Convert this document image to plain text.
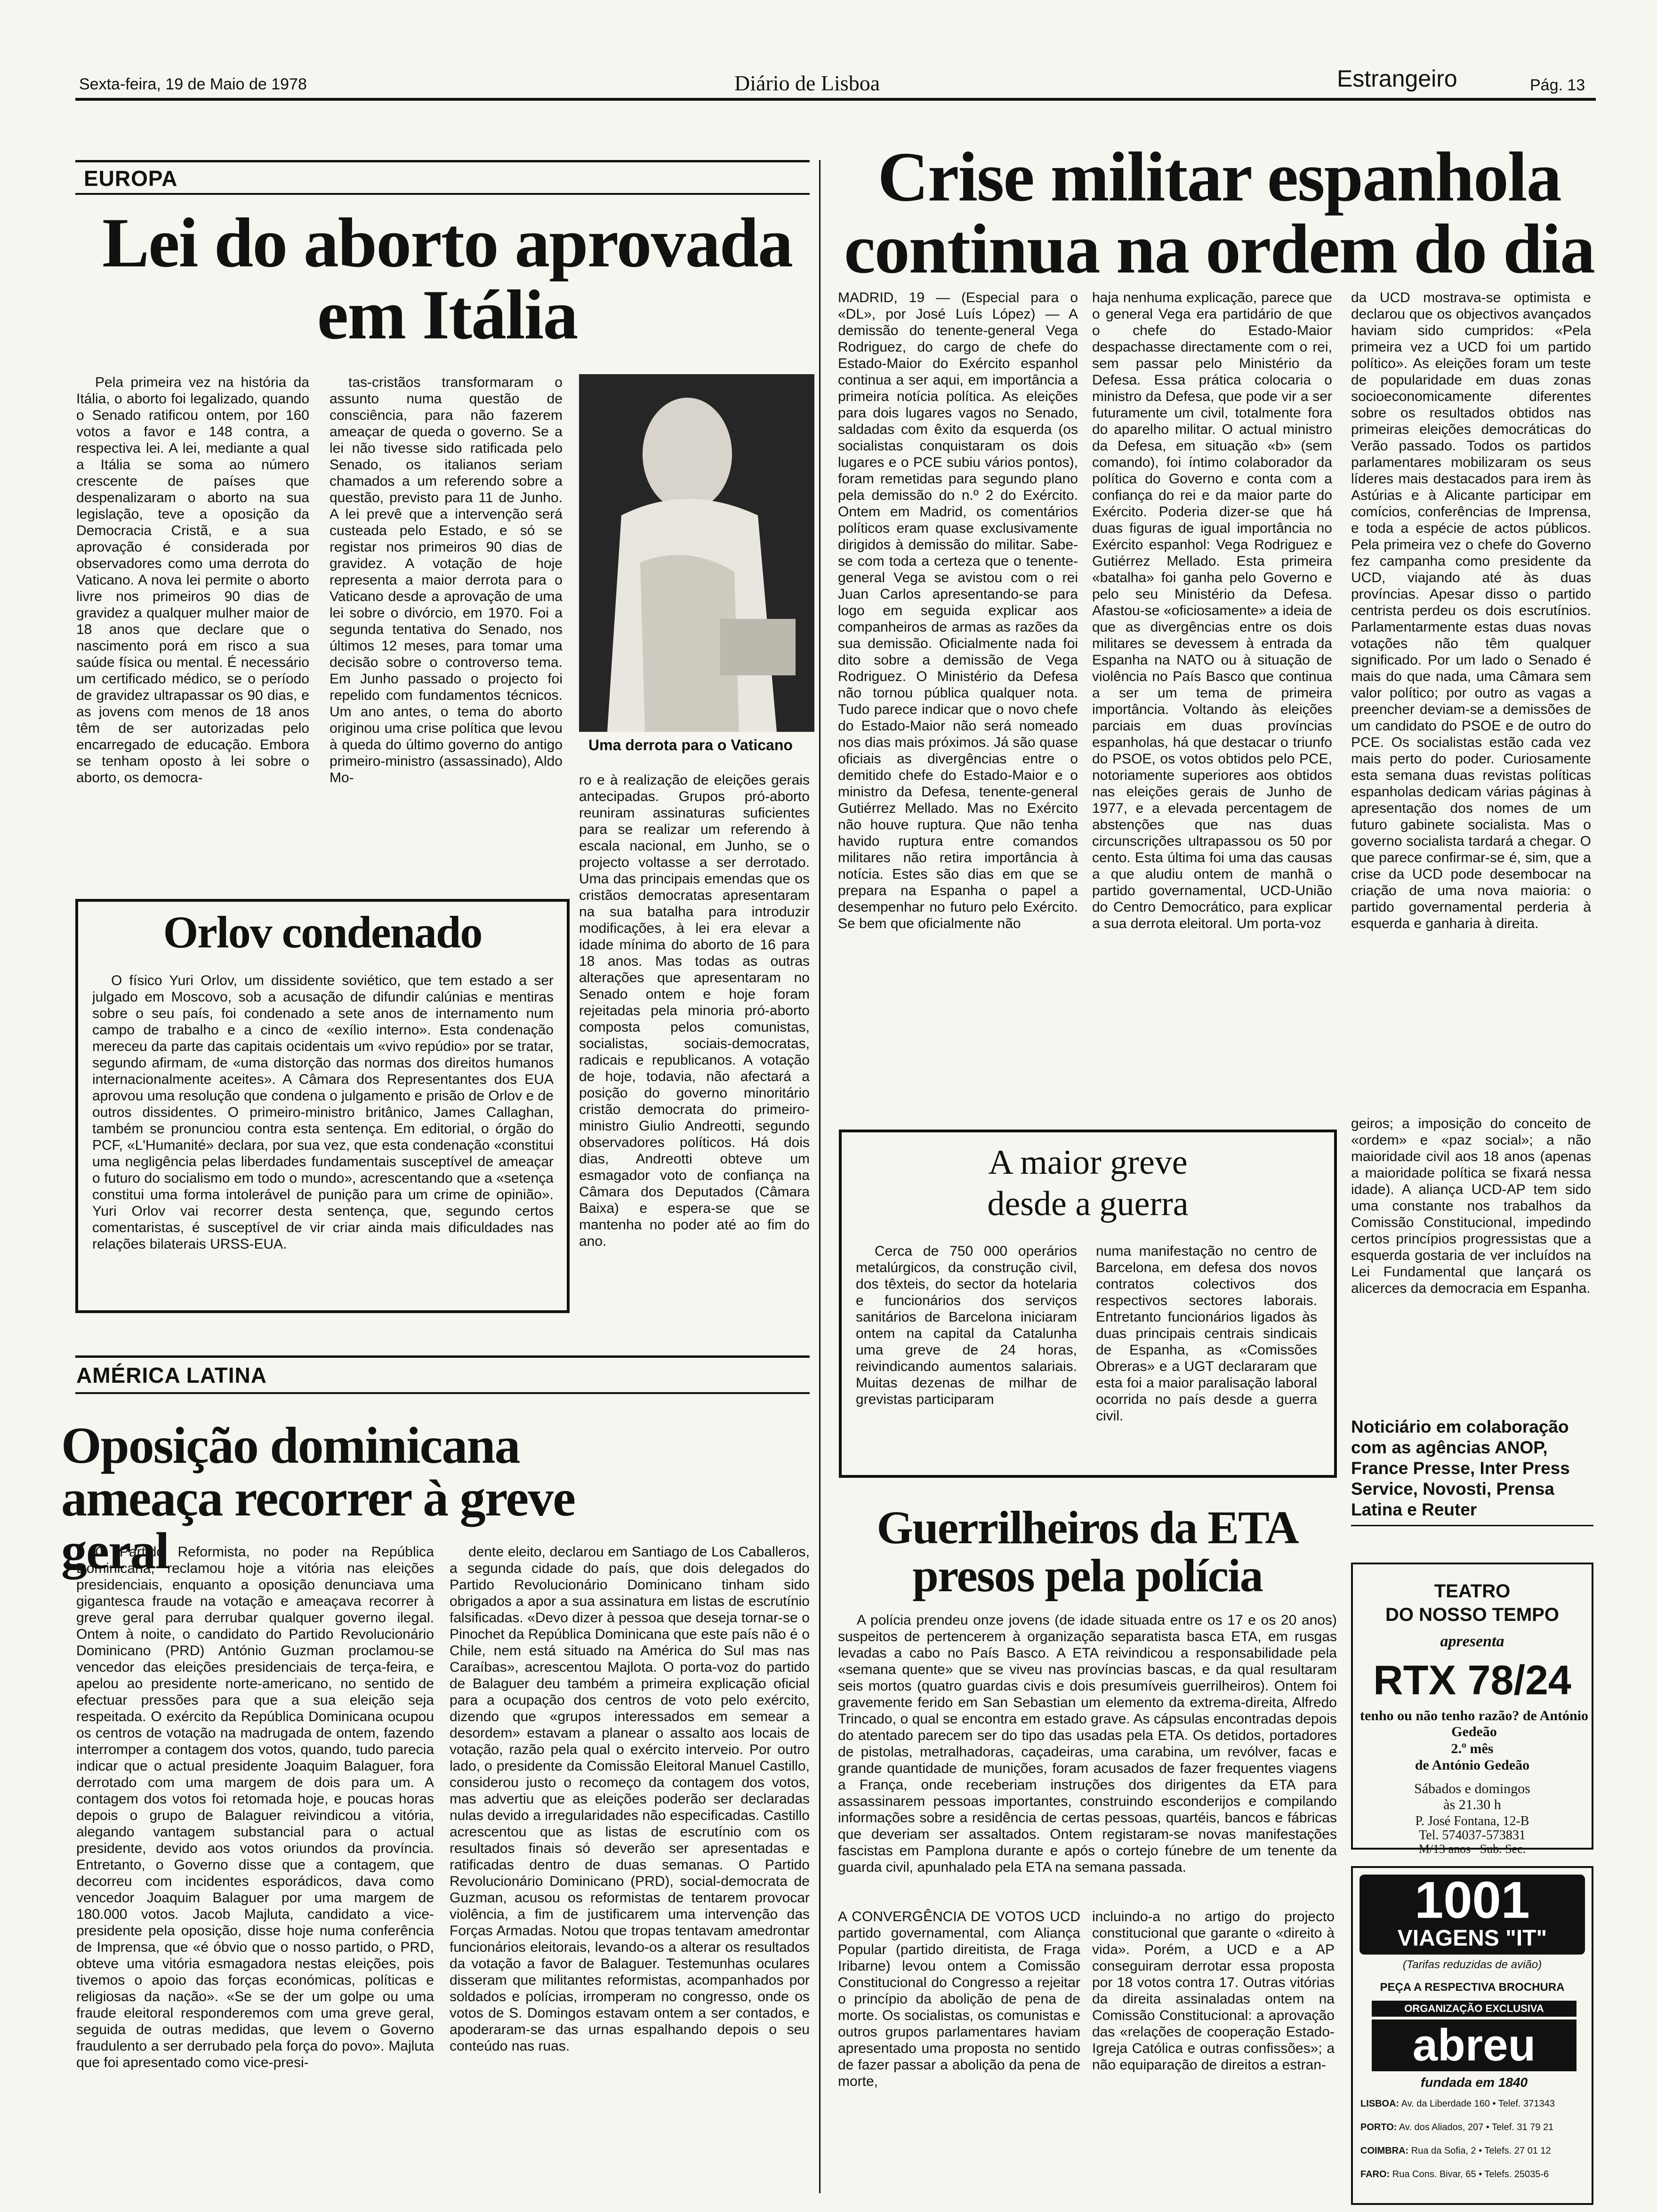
Sexta-feira, 19 de Maio de 1978	Diário de Lisboa	Estrangeiro	Pág. 13
EUROPA
Lei do aborto aprovada em Itália

Pela primeira vez na história da Itália, o aborto foi legalizado, quando o Senado ratificou ontem, por 160 votos a favor e 148 contra, a respectiva lei. A lei, mediante a qual a Itália se soma ao número crescente de países que despenalizaram o aborto na sua legislação, teve a oposição da Democracia Cristã, e a sua aprovação é considerada por observadores como uma derrota do Vaticano. A nova lei permite o aborto livre nos primeiros 90 dias de gravidez a qualquer mulher maior de 18 anos que declare que o nascimento porá em risco a sua saúde física ou mental. É necessário um certificado médico, se o período de gravidez ultrapassar os 90 dias, e as jovens com menos de 18 anos têm de ser autorizadas pelo encarregado de educação. Embora se tenham oposto à lei sobre o aborto, os democra-

tas-cristãos transformaram o assunto numa questão de consciência, para não fazerem ameaçar de queda o governo. Se a lei não tivesse sido ratificada pelo Senado, os italianos seriam chamados a um referendo sobre a questão, previsto para 11 de Junho. A lei prevê que a intervenção será custeada pelo Estado, e só se registar nos primeiros 90 dias de gravidez. A votação de hoje representa a maior derrota para o Vaticano desde a aprovação de uma lei sobre o divórcio, em 1970. Foi a segunda tentativa do Senado, nos últimos 12 meses, para tomar uma decisão sobre o controverso tema. Em Junho passado o projecto foi repelido com fundamentos técnicos. Um ano antes, o tema do aborto originou uma crise política que levou à queda do último governo do antigo primeiro-ministro (assassinado), Aldo Mo-

Uma derrota para o Vaticano

ro e à realização de eleições gerais antecipadas. Grupos pró-aborto reuniram assinaturas suficientes para se realizar um referendo à escala nacional, em Junho, se o projecto voltasse a ser derrotado. Uma das principais emendas que os cristãos democratas apresentaram na sua batalha para introduzir modificações, à lei era elevar a idade mínima do aborto de 16 para 18 anos. Mas todas as outras alterações que apresentaram no Senado ontem e hoje foram rejeitadas pela minoria pró-aborto composta pelos comunistas, socialistas, sociais-democratas, radicais e republicanos. A votação de hoje, todavia, não afectará a posição do governo minoritário cristão democrata do primeiro-ministro Giulio Andreotti, segundo observadores políticos. Há dois dias, Andreotti obteve um esmagador voto de confiança na Câmara dos Deputados (Câmara Baixa) e espera-se que se mantenha no poder até ao fim do ano.

Orlov condenado

O físico Yuri Orlov, um dissidente soviético, que tem estado a ser julgado em Moscovo, sob a acusação de difundir calúnias e mentiras sobre o seu país, foi condenado a sete anos de internamento num campo de trabalho e a cinco de «exílio interno». Esta condenação mereceu da parte das capitais ocidentais um «vivo repúdio» por se tratar, segundo afirmam, de «uma distorção das normas dos direitos humanos internacionalmente aceites». A Câmara dos Representantes dos EUA aprovou uma resolução que condena o julgamento e prisão de Orlov e de outros dissidentes. O primeiro-ministro britânico, James Callaghan, também se pronunciou contra esta sentença. Em editorial, o órgão do PCF, «L'Humanité» declara, por sua vez, que esta condenação «constitui uma negligência pelas liberdades fundamentais susceptível de ameaçar o futuro do socialismo em todo o mundo», acrescentando que a «setença constitui uma forma intolerável de punição para um crime de opinião». Yuri Orlov vai recorrer desta sentença, que, segundo certos comentaristas, é susceptível de vir criar ainda mais dificuldades nas relações bilaterais URSS-EUA.

AMÉRICA LATINA
Oposição dominicana ameaça recorrer à greve geral

O Partido Reformista, no poder na República Dominicana, reclamou hoje a vitória nas eleições presidenciais, enquanto a oposição denunciava uma gigantesca fraude na votação e ameaçava recorrer à greve geral para derrubar qualquer governo ilegal. Ontem à noite, o candidato do Partido Revolucionário Dominicano (PRD) António Guzman proclamou-se vencedor das eleições presidenciais de terça-feira, e apelou ao presidente norte-americano, no sentido de efectuar pressões para que a sua eleição seja respeitada. O exército da República Dominicana ocupou os centros de votação na madrugada de ontem, fazendo interromper a contagem dos votos, quando, tudo parecia indicar que o actual presidente Joaquim Balaguer, fora derrotado com uma margem de dois para um. A contagem dos votos foi retomada hoje, e poucas horas depois o grupo de Balaguer reivindicou a vitória, alegando vantagem substancial para o actual presidente, devido aos votos oriundos da província. Entretanto, o Governo disse que a contagem, que decorreu com incidentes esporádicos, dava como vencedor Joaquim Balaguer por uma margem de 180.000 votos. Jacob Majluta, candidato a vice-presidente pela oposição, disse hoje numa conferência de Imprensa, que «é óbvio que o nosso partido, o PRD, obteve uma vitória esmagadora nestas eleições, pois tivemos o apoio das forças económicas, políticas e religiosas da nação». «Se se der um golpe ou uma fraude eleitoral responderemos com uma greve geral, seguida de outras medidas, que levem o Governo fraudulento a ser derrubado pela força do povo». Majluta que foi apresentado como vice-presi-

dente eleito, declarou em Santiago de Los Caballeros, a segunda cidade do país, que dois delegados do Partido Revolucionário Dominicano tinham sido obrigados a apor a sua assinatura em listas de escrutínio falsificadas. «Devo dizer à pessoa que deseja tornar-se o Pinochet da República Dominicana que este país não é o Chile, nem está situado na América do Sul mas nas Caraíbas», acrescentou Majlota. O porta-voz do partido de Balaguer deu também a primeira explicação oficial para a ocupação dos centros de voto pelo exército, dizendo que «grupos interessados em semear a desordem» estavam a planear o assalto aos locais de votação, razão pela qual o exército interveio. Por outro lado, o presidente da Comissão Eleitoral Manuel Castillo, considerou justo o recomeço da contagem dos votos, mas advertiu que as eleições poderão ser declaradas nulas devido a irregularidades não especificadas. Castillo acrescentou que as listas de escrutínio com os resultados finais só deverão ser apresentadas e ratificadas dentro de duas semanas. O Partido Revolucionário Dominicano (PRD), social-democrata de Guzman, acusou os reformistas de tentarem provocar violência, a fim de justificarem uma intervenção das Forças Armadas. Notou que tropas tentavam amedrontar funcionários eleitorais, levando-os a alterar os resultados da votação a favor de Balaguer. Testemunhas oculares disseram que militantes reformistas, acompanhados por soldados e polícias, irromperam no congresso, onde os votos de S. Domingos estavam ontem a ser contados, e apoderaram-se das urnas espalhando depois o seu conteúdo nas ruas.

Crise militar espanhola continua na ordem do dia

MADRID, 19 — (Especial para o «DL», por José Luís López) — A demissão do tenente-general Vega Rodriguez, do cargo de chefe do Estado-Maior do Exército espanhol continua a ser aqui, em importância a primeira notícia política. As eleições para dois lugares vagos no Senado, saldadas com êxito da esquerda (os socialistas conquistaram os dois lugares e o PCE subiu vários pontos), foram remetidas para segundo plano pela demissão do n.º 2 do Exército. Ontem em Madrid, os comentários políticos eram quase exclusivamente dirigidos à demissão do militar. Sabe-se com toda a certeza que o tenente-general Vega se avistou com o rei Juan Carlos apresentando-se para logo em seguida explicar aos companheiros de armas as razões da sua demissão. Oficialmente nada foi dito sobre a demissão de Vega Rodriguez. O Ministério da Defesa não tornou pública qualquer nota. Tudo parece indicar que o novo chefe do Estado-Maior não será nomeado nos dias mais próximos. Já são quase oficiais as divergências entre o demitido chefe do Estado-Maior e o ministro da Defesa, tenente-general Gutiérrez Mellado. Mas no Exército não houve ruptura. Que não tenha havido ruptura entre comandos militares não retira importância à notícia. Estes são dias em que se prepara na Espanha o papel a desempenhar no futuro pelo Exército. Se bem que oficialmente não

haja nenhuma explicação, parece que o general Vega era partidário de que o chefe do Estado-Maior despachasse directamente com o rei, sem passar pelo Ministério da Defesa. Essa prática colocaria o ministro da Defesa, que pode vir a ser futuramente um civil, totalmente fora do aparelho militar. O actual ministro da Defesa, em situação «b» (sem comando), foi íntimo colaborador da política do Governo e conta com a confiança do rei e da maior parte do Exército. Poderia dizer-se que há duas figuras de igual importância no Exército espanhol: Vega Rodriguez e Gutiérrez Mellado. Esta primeira «batalha» foi ganha pelo Governo e pelo seu Ministério da Defesa. Afastou-se «oficiosamente» a ideia de que as divergências entre os dois militares se devessem à entrada da Espanha na NATO ou à situação de violência no País Basco que continua a ser um tema de primeira importância. Voltando às eleições parciais em duas províncias espanholas, há que destacar o triunfo do PSOE, os votos obtidos pelo PCE, notoriamente superiores aos obtidos nas eleições gerais de Junho de 1977, e a elevada percentagem de abstenções que nas duas circunscrições ultrapassou os 50 por cento. Esta última foi uma das causas a que aludiu ontem de manhã o partido governamental, UCD-União do Centro Democrático, para explicar a sua derrota eleitoral. Um porta-voz

da UCD mostrava-se optimista e declarou que os objectivos avançados haviam sido cumpridos: «Pela primeira vez a UCD foi um partido político». As eleições foram um teste de popularidade em duas zonas socioeconomicamente diferentes sobre os resultados obtidos nas primeiras eleições democráticas do Verão passado. Todos os partidos parlamentares mobilizaram os seus líderes mais destacados para irem às Astúrias e à Alicante participar em comícios, conferências de Imprensa, e toda a espécie de actos públicos. Pela primeira vez o chefe do Governo fez campanha como presidente da UCD, viajando até às duas províncias. Apesar disso o partido centrista perdeu os dois escrutínios. Parlamentarmente estas duas novas votações não têm qualquer significado. Por um lado o Senado é mais do que nada, uma Câmara sem valor político; por outro as vagas a preencher deviam-se a demissões de um candidato do PSOE e de outro do PCE. Os socialistas estão cada vez mais perto do poder. Curiosamente esta semana duas revistas políticas espanholas dedicam várias páginas à apresentação dos nomes de um futuro gabinete socialista. Mas o governo socialista tardará a chegar. O que parece confirmar-se é, sim, que a crise da UCD pode desembocar na criação de uma nova maioria: o partido governamental perderia à esquerda e ganharia à direita.

geiros; a imposição do conceito de «ordem» e «paz social»; a não maioridade civil aos 18 anos (apenas a maioridade política se fixará nessa idade). A aliança UCD-AP tem sido uma constante nos trabalhos da Comissão Constitucional, impedindo certos princípios progressistas que a esquerda gostaria de ver incluídos na Lei Fundamental que lançará os alicerces da democracia em Espanha.

Noticiário em colaboração com as agências ANOP, France Presse, Inter Press Service, Novosti, Prensa Latina e Reuter
A maior greve desde a guerra

Cerca de 750 000 operários metalúrgicos, da construção civil, dos têxteis, do sector da hotelaria e funcionários dos serviços sanitários de Barcelona iniciaram ontem na capital da Catalunha uma greve de 24 horas, reivindicando aumentos salariais. Muitas dezenas de milhar de grevistas participaram

numa manifestação no centro de Barcelona, em defesa dos novos contratos colectivos dos respectivos sectores laborais. Entretanto funcionários ligados às duas principais centrais sindicais de Espanha, as «Comissões Obreras» e a UGT declararam que esta foi a maior paralisação laboral ocorrida no país desde a guerra civil.

Guerrilheiros da ETA presos pela polícia

A polícia prendeu onze jovens (de idade situada entre os 17 e os 20 anos) suspeitos de pertencerem à organização separatista basca ETA, em rusgas levadas a cabo no País Basco. A ETA reivindicou a responsabilidade pela «semana quente» que se viveu nas províncias bascas, e da qual resultaram seis mortos (quatro guardas civis e dois presumíveis guerrilheiros). Ontem foi gravemente ferido em San Sebastian um elemento da extrema-direita, Alfredo Trincado, o qual se encontra em estado grave. As cápsulas encontradas depois do atentado parecem ser do tipo das usadas pela ETA. Os detidos, portadores de pistolas, metralhadoras, caçadeiras, uma carabina, um revólver, facas e grande quantidade de munições, foram acusados de fazer frequentes viagens a França, onde receberiam instruções dos dirigentes da ETA para assassinarem pessoas importantes, construindo esconderijos e compilando informações sobre a residência de certas pessoas, quartéis, bancos e fábricas que deveriam ser assaltados. Ontem registaram-se novas manifestações fascistas em Pamplona durante e após o cortejo fúnebre de um tenente da guarda civil, apunhalado pela ETA na semana passada.

A CONVERGÊNCIA DE VOTOS UCD partido governamental, com Aliança Popular (partido direitista, de Fraga Iribarne) levou ontem a Comissão Constitucional do Congresso a rejeitar o princípio da abolição de pena de morte. Os socialistas, os comunistas e outros grupos parlamentares haviam apresentado uma proposta no sentido de fazer passar a abolição da pena de morte,

incluindo-a no artigo do projecto constitucional que garante o «direito à vida». Porém, a UCD e a AP conseguiram derrotar essa proposta por 18 votos contra 17. Outras vitórias da direita assinaladas ontem na Comissão Constitucional: a aprovação das «relações de cooperação Estado-Igreja Católica e outras confissões»; a não equiparação de direitos a estran-

TEATRO
DO NOSSO TEMPO
apresenta
RTX 78/24
tenho ou não tenho razão? de António Gedeão
2.º mês
de António Gedeão
Sábados e domingos
às 21.30 h
P. José Fontana, 12-B
Tel. 574037-573831
M/13 anos Sub. Sec.
1001
VIAGENS "IT"
(Tarifas reduzidas de avião)
PEÇA A RESPECTIVA BROCHURA
ORGANIZAÇÃO EXCLUSIVA
abreu
fundada em 1840
LISBOA: Av. da Liberdade 160 • Telef. 371343
PORTO: Av. dos Aliados, 207 • Telef. 31 79 21
COIMBRA: Rua da Sofia, 2 • Telefs. 27 01 12
FARO: Rua Cons. Bivar, 65 • Telefs. 25035-6
